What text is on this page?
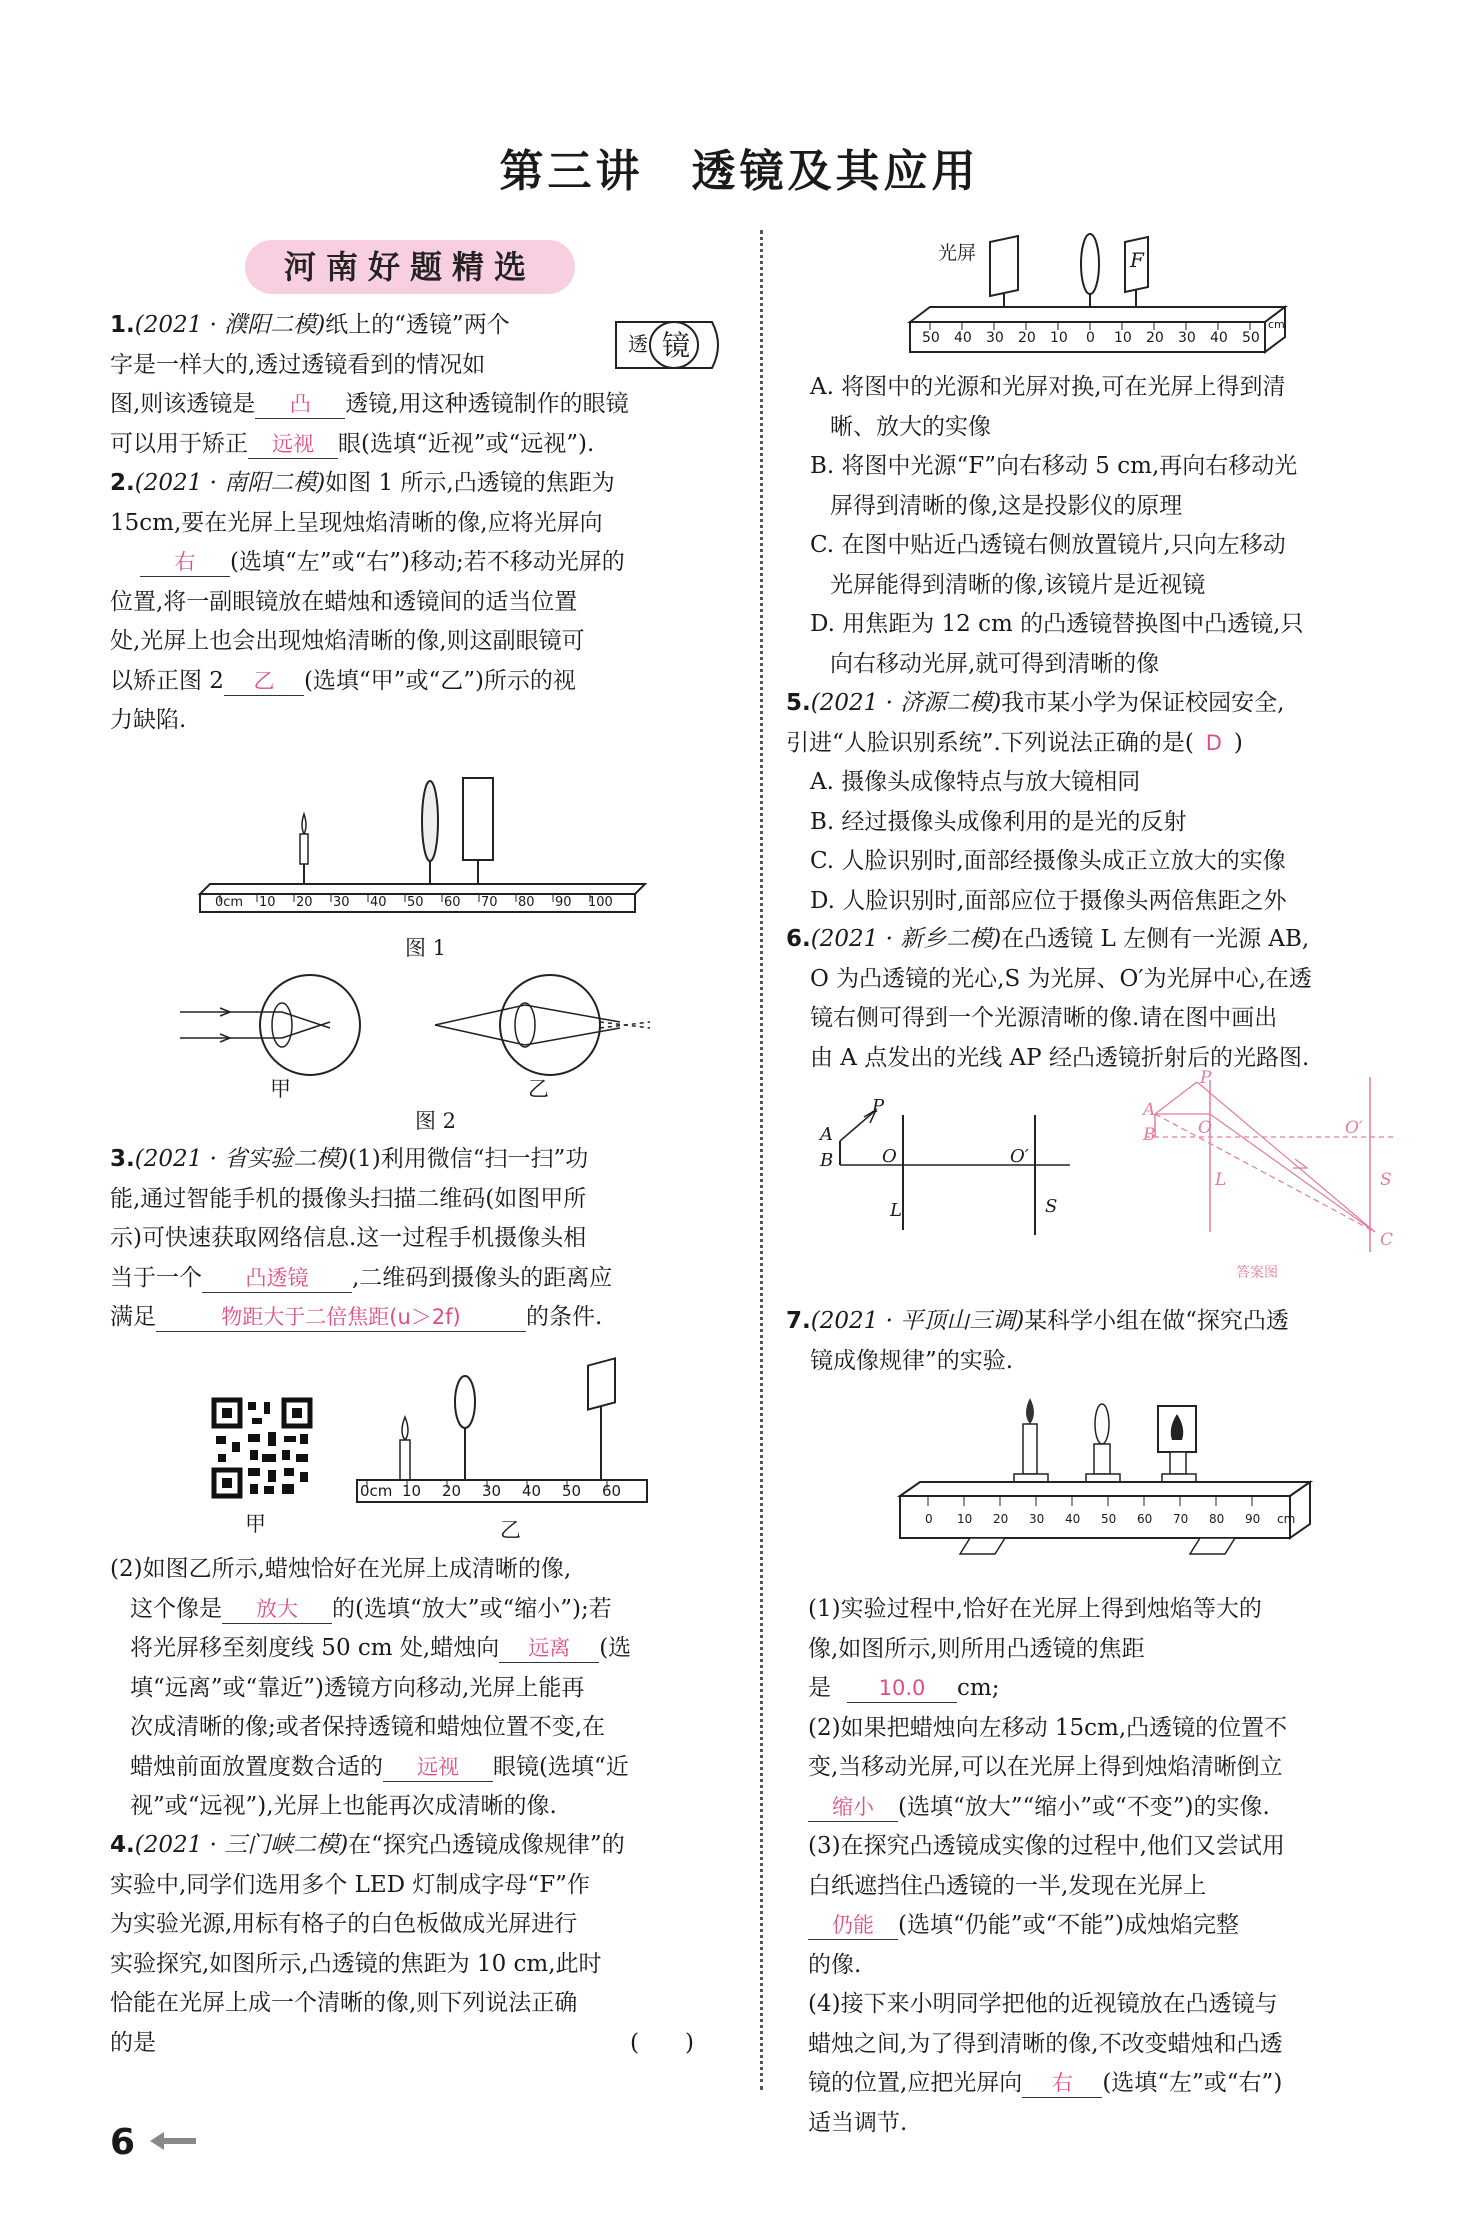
第三讲　透镜及其应用
河南好题精选

1.(2021 · 濮阳二模)纸上的“透镜”两个

字是一样大的,透过透镜看到的情况如

图,则该透镜是 凸 透镜,用这种透镜制作的眼镜

可以用于矫正 远视 眼(选填“近视”或“远视”).

透 镜

2.(2021 · 南阳二模)如图 1 所示,凸透镜的焦距为

15cm,要在光屏上呈现烛焰清晰的像,应将光屏向

右 (选填“左”或“右”)移动;若不移动光屏的

位置,将一副眼镜放在蜡烛和透镜间的适当位置

处,光屏上也会出现烛焰清晰的像,则这副眼镜可

以矫正图 2 乙 (选填“甲”或“乙”)所示的视

力缺陷.

0cm 10 20 30 40 50 60 70 80 90 100
图 1
甲	乙
图 2

3.(2021 · 省实验二模)(1)利用微信“扫一扫”功

能,通过智能手机的摄像头扫描二维码(如图甲所

示)可快速获取网络信息.这一过程手机摄像头相

当于一个 凸透镜 ,二维码到摄像头的距离应

满足	物距大于二倍焦距(u＞2f)	的条件.

甲
0cm 10 20 30 40 50 60
乙

(2)如图乙所示,蜡烛恰好在光屏上成清晰的像,

这个像是 放大 的(选填“放大”或“缩小”);若

将光屏移至刻度线 50 cm 处,蜡烛向 远离 (选

填“远离”或“靠近”)透镜方向移动,光屏上能再

次成清晰的像;或者保持透镜和蜡烛位置不变,在

蜡烛前面放置度数合适的 远视 眼镜(选填“近

视”或“远视”),光屏上也能再次成清晰的像.

4.(2021 · 三门峡二模)在“探究凸透镜成像规律”的

实验中,同学们选用多个 LED 灯制成字母“F”作

为实验光源,用标有格子的白色板做成光屏进行

实验探究,如图所示,凸透镜的焦距为 10 cm,此时

恰能在光屏上成一个清晰的像,则下列说法正确

的是	(　　)

光屏	F
50 40 30 20 10 0 10 20 30 40 50
cm

A. 将图中的光源和光屏对换,可在光屏上得到清

晰、放大的实像

B. 将图中光源“F”向右移动 5 cm,再向右移动光

屏得到清晰的像,这是投影仪的原理

C. 在图中贴近凸透镜右侧放置镜片,只向左移动

光屏能得到清晰的像,该镜片是近视镜

D. 用焦距为 12 cm 的凸透镜替换图中凸透镜,只

向右移动光屏,就可得到清晰的像

5.(2021 · 济源二模)我市某小学为保证校园安全,

引进“人脸识别系统”.下列说法正确的是( D )

A. 摄像头成像特点与放大镜相同

B. 经过摄像头成像利用的是光的反射

C. 人脸识别时,面部经摄像头成正立放大的实像

D. 人脸识别时,面部应位于摄像头两倍焦距之外

6.(2021 · 新乡二模)在凸透镜 L 左侧有一光源 AB,

O 为凸透镜的光心,S 为光屏、O′为光屏中心,在透

镜右侧可得到一个光源清晰的像.请在图中画出

由 A 点发出的光线 AP 经凸透镜折射后的光路图.

P
A
B	O	O′
L	S
P
A
B	O	O′
L	S
C
答案图

7.(2021 · 平顶山三调)某科学小组在做“探究凸透

镜成像规律”的实验.

0 10 20 30 40 50 60 70 80 90 cm

(1)实验过程中,恰好在光屏上得到烛焰等大的

像,如图所示,则所用凸透镜的焦距

是 10.0 cm;

(2)如果把蜡烛向左移动 15cm,凸透镜的位置不

变,当移动光屏,可以在光屏上得到烛焰清晰倒立

缩小 (选填“放大”“缩小”或“不变”)的实像.

(3)在探究凸透镜成实像的过程中,他们又尝试用

白纸遮挡住凸透镜的一半,发现在光屏上

仍能 (选填“仍能”或“不能”)成烛焰完整

的像.

(4)接下来小明同学把他的近视镜放在凸透镜与

蜡烛之间,为了得到清晰的像,不改变蜡烛和凸透

镜的位置,应把光屏向 右 (选填“左”或“右”)

适当调节.

6
